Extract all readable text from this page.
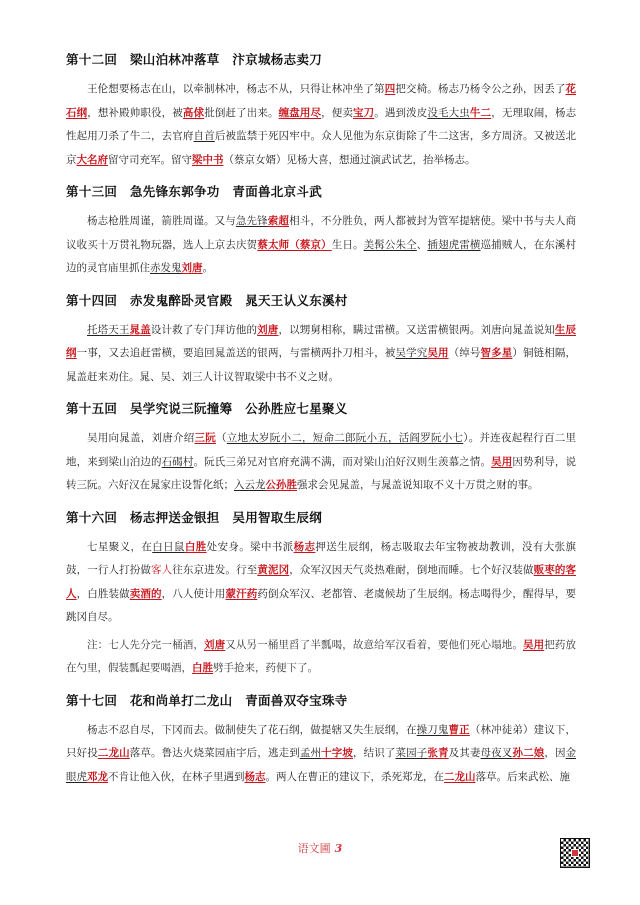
第十二回　梁山泊林冲落草　汴京城杨志卖刀

王伦想要杨志在山，以牵制林冲，杨志不从，只得让林冲坐了第四把交椅。杨志乃杨令公之孙，因丢了花石纲，想补殿帅职役，被高俅批倒赶了出来。缠盘用尽，便卖宝刀。遇到泼皮没毛大虫牛二，无理取闹，杨志性起用刀杀了牛二，去官府自首后被监禁于死囚牢中。众人见他为东京街除了牛二这害，多方周济。又被送北京大名府留守司充军。留守梁中书（蔡京女婿）见杨大喜，想通过演武试艺，抬举杨志。

第十三回　急先锋东郭争功　青面兽北京斗武

杨志枪胜周谨，箭胜周谨。又与急先锋索超相斗，不分胜负，两人都被封为管军提辖使。梁中书与夫人商议收买十万贯礼物玩器，选人上京去庆贺蔡太师（蔡京）生日。美髯公朱仝、插翅虎雷横巡捕贼人，在东溪村边的灵官庙里抓住赤发鬼刘唐。

第十四回　赤发鬼醉卧灵官殿　晁天王认义东溪村

托塔天王晁盖设计救了专门拜访他的刘唐，以甥舅相称，瞒过雷横。又送雷横银两。刘唐向晁盖说知生辰纲一事，又去追赶雷横，要追回晁盖送的银两，与雷横两扑刀相斗，被吴学究吴用（绰号智多星）铜链相隔，晁盖赶来劝住。晁、吴、刘三人计议智取梁中书不义之财。

第十五回　吴学究说三阮撞筹　公孙胜应七星聚义

吴用向晁盖，刘唐介绍三阮（立地太岁阮小二，短命二郎阮小五，活阎罗阮小七）。并连夜起程行百二里地，来到梁山泊边的石碣村。阮氏三弟兄对官府充满不满，而对梁山泊好汉则生羡慕之情。吴用因势利导，说转三阮。六好汉在晁家庄设誓化纸；入云龙公孙胜强求会见晁盖，与晁盖说知取不义十万贯之财的事。

第十六回　杨志押送金银担　吴用智取生辰纲

七星聚义，在白日鼠白胜处安身。梁中书派杨志押送生辰纲，杨志吸取去年宝物被劫教训，没有大张旗鼓，一行人打扮做客人往东京进发。行至黄泥冈，众军汉因天气炎热难耐，倒地而睡。七个好汉装做贩枣的客人，白胜装做卖酒的，八人使计用蒙汗药药倒众军汉、老都管、老虞候劫了生辰纲。杨志喝得少，醒得早，要跳冈自尽。

注：七人先分完一桶酒，刘唐又从另一桶里舀了半瓢喝，故意给军汉看着，要他们死心塌地。吴用把药放在勺里，假装瓢起要喝酒，白胜劈手抢来，药便下了。

第十七回　花和尚单打二龙山　青面兽双夺宝珠寺

杨志不忍自尽，下冈而去。做制使失了花石纲，做提辖又失生辰纲，在操刀鬼曹正（林冲徒弟）建议下，只好投二龙山落草。鲁达火烧菜园庙宇后，逃走到孟州十字坡，结识了菜园子张青及其妻母夜叉孙二娘，因金眼虎邓龙不肯让他入伙，在林子里遇到杨志。两人在曹正的建议下，杀死郑龙，在二龙山落草。后来武松、施

语文圃 3
